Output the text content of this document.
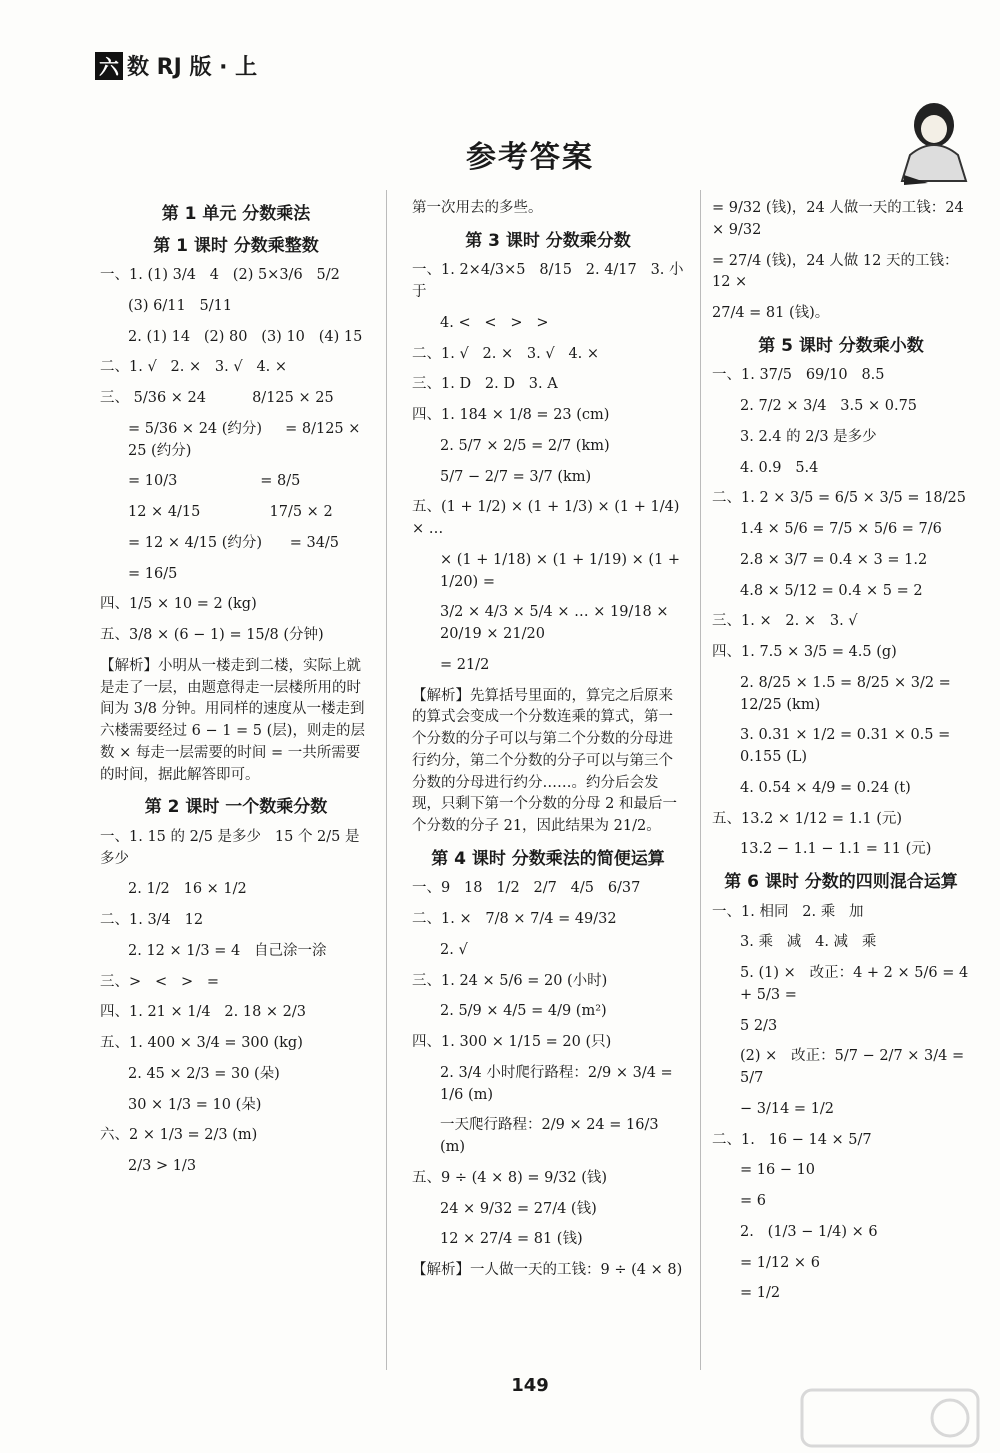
六 数 RJ 版 · 上
参考答案
第 1 单元 分数乘法
第 1 课时 分数乘整数
一、1. (1) 3/4   4   (2) 5×3/6   5/2
(3) 6/11   5/11
2. (1) 14   (2) 80   (3) 10   (4) 15
二、1. √   2. ×   3. √   4. ×
三、 5/36 × 24          8/125 × 25
= 5/36 × 24 (约分)     = 8/125 × 25 (约分)
= 10/3                  = 8/5
12 × 4/15               17/5 × 2
= 12 × 4/15 (约分)      = 34/5
= 16/5
四、1/5 × 10 = 2 (kg)
五、3/8 × (6 − 1) = 15/8 (分钟)
【解析】小明从一楼走到二楼，实际上就是走了一层，由题意得走一层楼所用的时间为 3/8 分钟。用同样的速度从一楼走到六楼需要经过 6 − 1 = 5 (层)，则走的层数 × 每走一层需要的时间 = 一共所需要的时间，据此解答即可。
第 2 课时 一个数乘分数
一、1. 15 的 2/5 是多少   15 个 2/5 是多少
2. 1/2   16 × 1/2
二、1. 3/4   12
2. 12 × 1/3 = 4   自己涂一涂
三、>   <   >   =
四、1. 21 × 1/4   2. 18 × 2/3
五、1. 400 × 3/4 = 300 (kg)
2. 45 × 2/3 = 30 (朵)
30 × 1/3 = 10 (朵)
六、2 × 1/3 = 2/3 (m)
2/3 > 1/3
第一次用去的多些。
第 3 课时 分数乘分数
一、1. 2×4/3×5   8/15   2. 4/17   3. 小于
4. <   <   >   >
二、1. √   2. ×   3. √   4. ×
三、1. D   2. D   3. A
四、1. 184 × 1/8 = 23 (cm)
2. 5/7 × 2/5 = 2/7 (km)
5/7 − 2/7 = 3/7 (km)
五、(1 + 1/2) × (1 + 1/3) × (1 + 1/4) × …
× (1 + 1/18) × (1 + 1/19) × (1 + 1/20) =
3/2 × 4/3 × 5/4 × … × 19/18 × 20/19 × 21/20
= 21/2
【解析】先算括号里面的，算完之后原来的算式会变成一个分数连乘的算式，第一个分数的分子可以与第二个分数的分母进行约分，第二个分数的分子可以与第三个分数的分母进行约分……。约分后会发现，只剩下第一个分数的分母 2 和最后一个分数的分子 21，因此结果为 21/2。
第 4 课时 分数乘法的简便运算
一、9   18   1/2   2/7   4/5   6/37
二、1. ×   7/8 × 7/4 = 49/32
2. √
三、1. 24 × 5/6 = 20 (小时)
2. 5/9 × 4/5 = 4/9 (m²)
四、1. 300 × 1/15 = 20 (只)
2. 3/4 小时爬行路程：2/9 × 3/4 = 1/6 (m)
一天爬行路程：2/9 × 24 = 16/3 (m)
五、9 ÷ (4 × 8) = 9/32 (钱)
24 × 9/32 = 27/4 (钱)
12 × 27/4 = 81 (钱)
【解析】一人做一天的工钱：9 ÷ (4 × 8)
= 9/32 (钱)，24 人做一天的工钱：24 × 9/32
= 27/4 (钱)，24 人做 12 天的工钱：12 ×
27/4 = 81 (钱)。
第 5 课时 分数乘小数
一、1. 37/5   69/10   8.5
2. 7/2 × 3/4   3.5 × 0.75
3. 2.4 的 2/3 是多少
4. 0.9   5.4
二、1. 2 × 3/5 = 6/5 × 3/5 = 18/25
1.4 × 5/6 = 7/5 × 5/6 = 7/6
2.8 × 3/7 = 0.4 × 3 = 1.2
4.8 × 5/12 = 0.4 × 5 = 2
三、1. ×   2. ×   3. √
四、1. 7.5 × 3/5 = 4.5 (g)
2. 8/25 × 1.5 = 8/25 × 3/2 = 12/25 (km)
3. 0.31 × 1/2 = 0.31 × 0.5 = 0.155 (L)
4. 0.54 × 4/9 = 0.24 (t)
五、13.2 × 1/12 = 1.1 (元)
13.2 − 1.1 − 1.1 = 11 (元)
第 6 课时 分数的四则混合运算
一、1. 相同   2. 乘   加
3. 乘   减   4. 减   乘
5. (1) ×   改正：4 + 2 × 5/6 = 4 + 5/3 =
5 2/3
(2) ×   改正：5/7 − 2/7 × 3/4 = 5/7
− 3/14 = 1/2
二、1.   16 − 14 × 5/7
= 16 − 10
= 6
2.   (1/3 − 1/4) × 6
= 1/12 × 6
= 1/2
149
